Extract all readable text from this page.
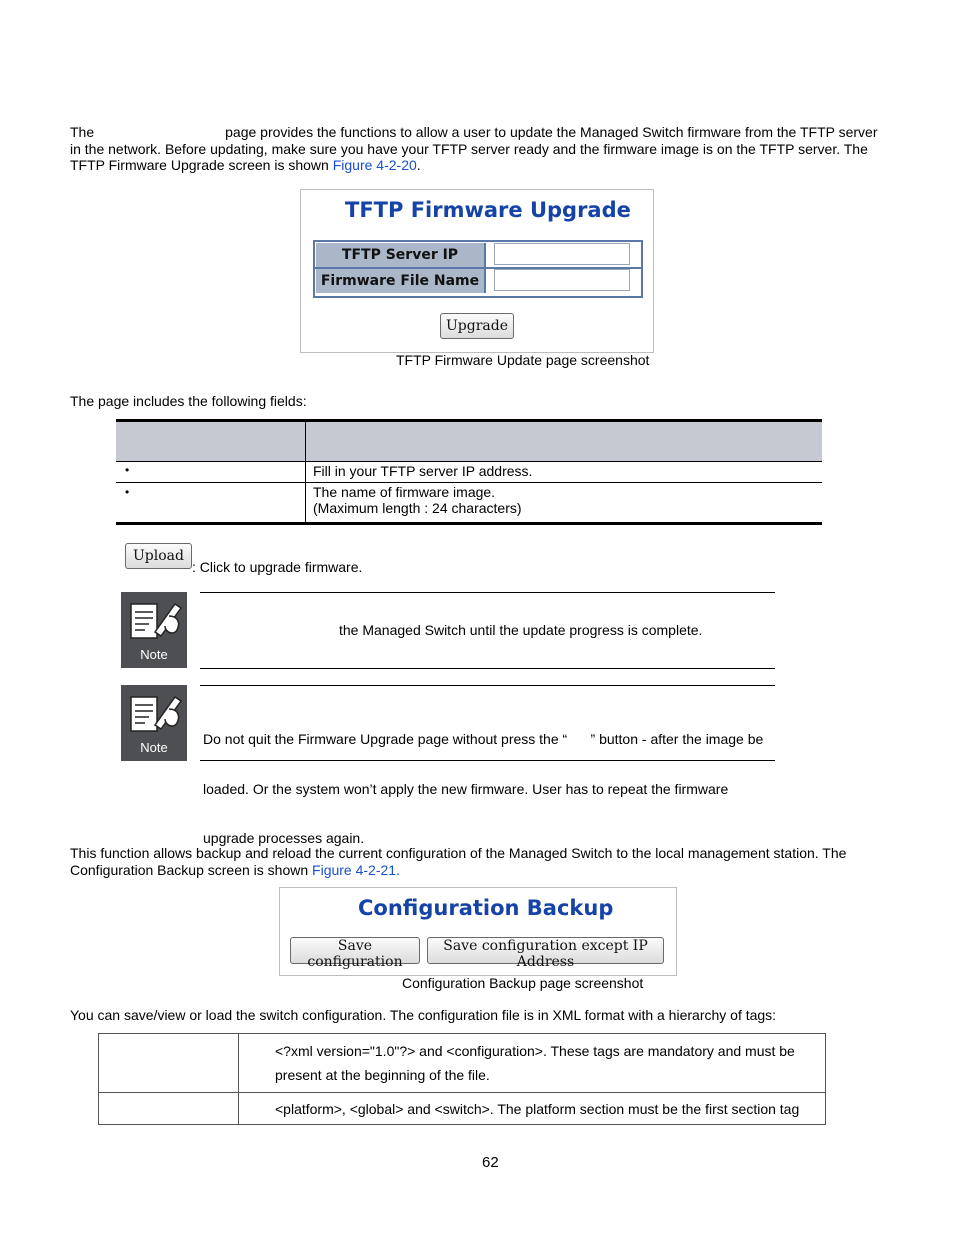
The	page provides the functions to allow a user to update the Managed Switch firmware from the TFTP server
in the network. Before updating, make sure you have your TFTP server ready and the firmware image is on the TFTP server. The
TFTP Firmware Upgrade screen is shown Figure 4-2-20.
TFTP Firmware Upgrade
TFTP Server IP
Firmware File Name
Upgrade
TFTP Firmware Update page screenshot
The page includes the following fields:
•	Fill in your TFTP server IP address.
•	The name of firmware image.
(Maximum length : 24 characters)
Upload
: Click to upgrade firmware.
Note
the Managed Switch until the update progress is complete.
Note

Do not quit the Firmware Upgrade page without press the “      ” button - after the image be

loaded. Or the system won’t apply the new firmware. User has to repeat the firmware

upgrade processes again.

This function allows backup and reload the current configuration of the Managed Switch to the local management station. The
Configuration Backup screen is shown Figure 4-2-21.
Configuration Backup
Save configuration
Save configuration except IP Address
Configuration Backup page screenshot
You can save/view or load the switch configuration. The configuration file is in XML format with a hierarchy of tags:
<?xml version="1.0"?> and <configuration>. These tags are mandatory and must be
present at the beginning of the file.
<platform>, <global> and <switch>. The platform section must be the first section tag
62
